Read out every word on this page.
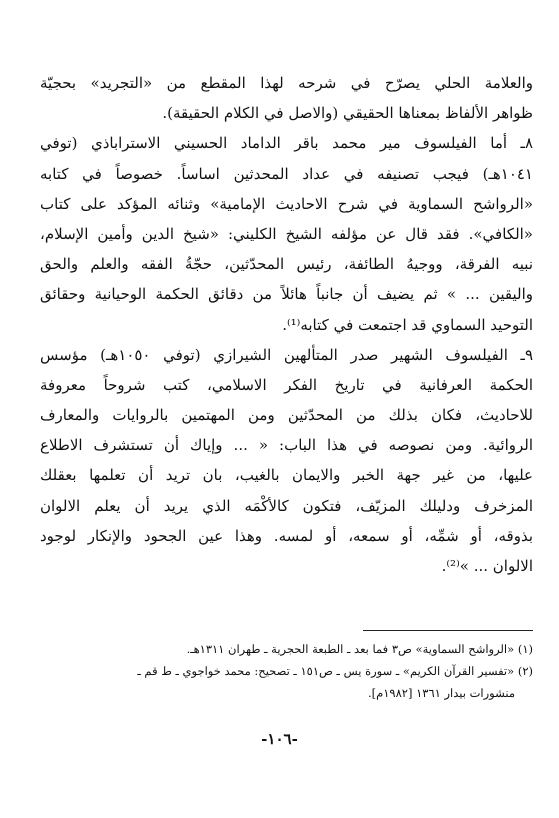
والعلامة الحلي يصرّح في شرحه لهذا المقطع من «التجريد» بحجيّة
ظواهر الألفاظ بمعناها الحقيقي (والاصل في الكلام الحقيقة).
٨ـ أما الفيلسوف مير محمد باقر الداماد الحسيني الاستراباذي (توفي
١٠٤١هـ) فيجب تصنيفه في عداد المحدثين اساساً. خصوصاً في كتابه
«الرواشح السماوية في شرح الاحاديث الإمامية» وثنائه المؤكد على كتاب
«الكافي». فقد قال عن مؤلفه الشيخ الكليني: «شيخ الدين وأمين الإسلام،
نبيه الفرقة، ووجيهُ الطائفة، رئيس المحدّثين، حجّةُ الفقه والعلم والحق
واليقين ... » ثم يضيف أن جانباً هائلاً من دقائق الحكمة الوحيانية وحقائق
التوحيد السماوي قد اجتمعت في كتابه⁽¹⁾.
٩ـ الفيلسوف الشهير صدر المتألهين الشيرازي (توفي ١٠٥٠هـ) مؤسس
الحكمة العرفانية في تاريخ الفكر الاسلامي، كتب شروحاً معروفة
للاحاديث، فكان بذلك من المحدّثين ومن المهتمين بالروايات والمعارف
الروائية. ومن نصوصه في هذا الباب: « ... وإياك أن تستشرف الاطلاع
عليها، من غير جهة الخبر والايمان بالغيب، بان تريد أن تعلمها بعقلك
المزخرف ودليلك المزيّف، فتكون كالأكْمَه الذي يريد أن يعلم الالوان
بذوقه، أو شمِّه، أو سمعه، أو لمسه. وهذا عين الجحود والإنكار لوجود
الالوان ... »⁽²⁾.
(١) «الرواشح السماوية» ص٣ فما بعد ـ الطبعة الحجرية ـ طهران ١٣١١هـ.
(٢) «تفسير القرآن الكريم» ـ سورة يس ـ ص١٥١ ـ تصحيح: محمد خواجوي ـ ط قم ـ
منشورات بيدار ١٣٦١ [١٩٨٢م].
-١٠٦-
